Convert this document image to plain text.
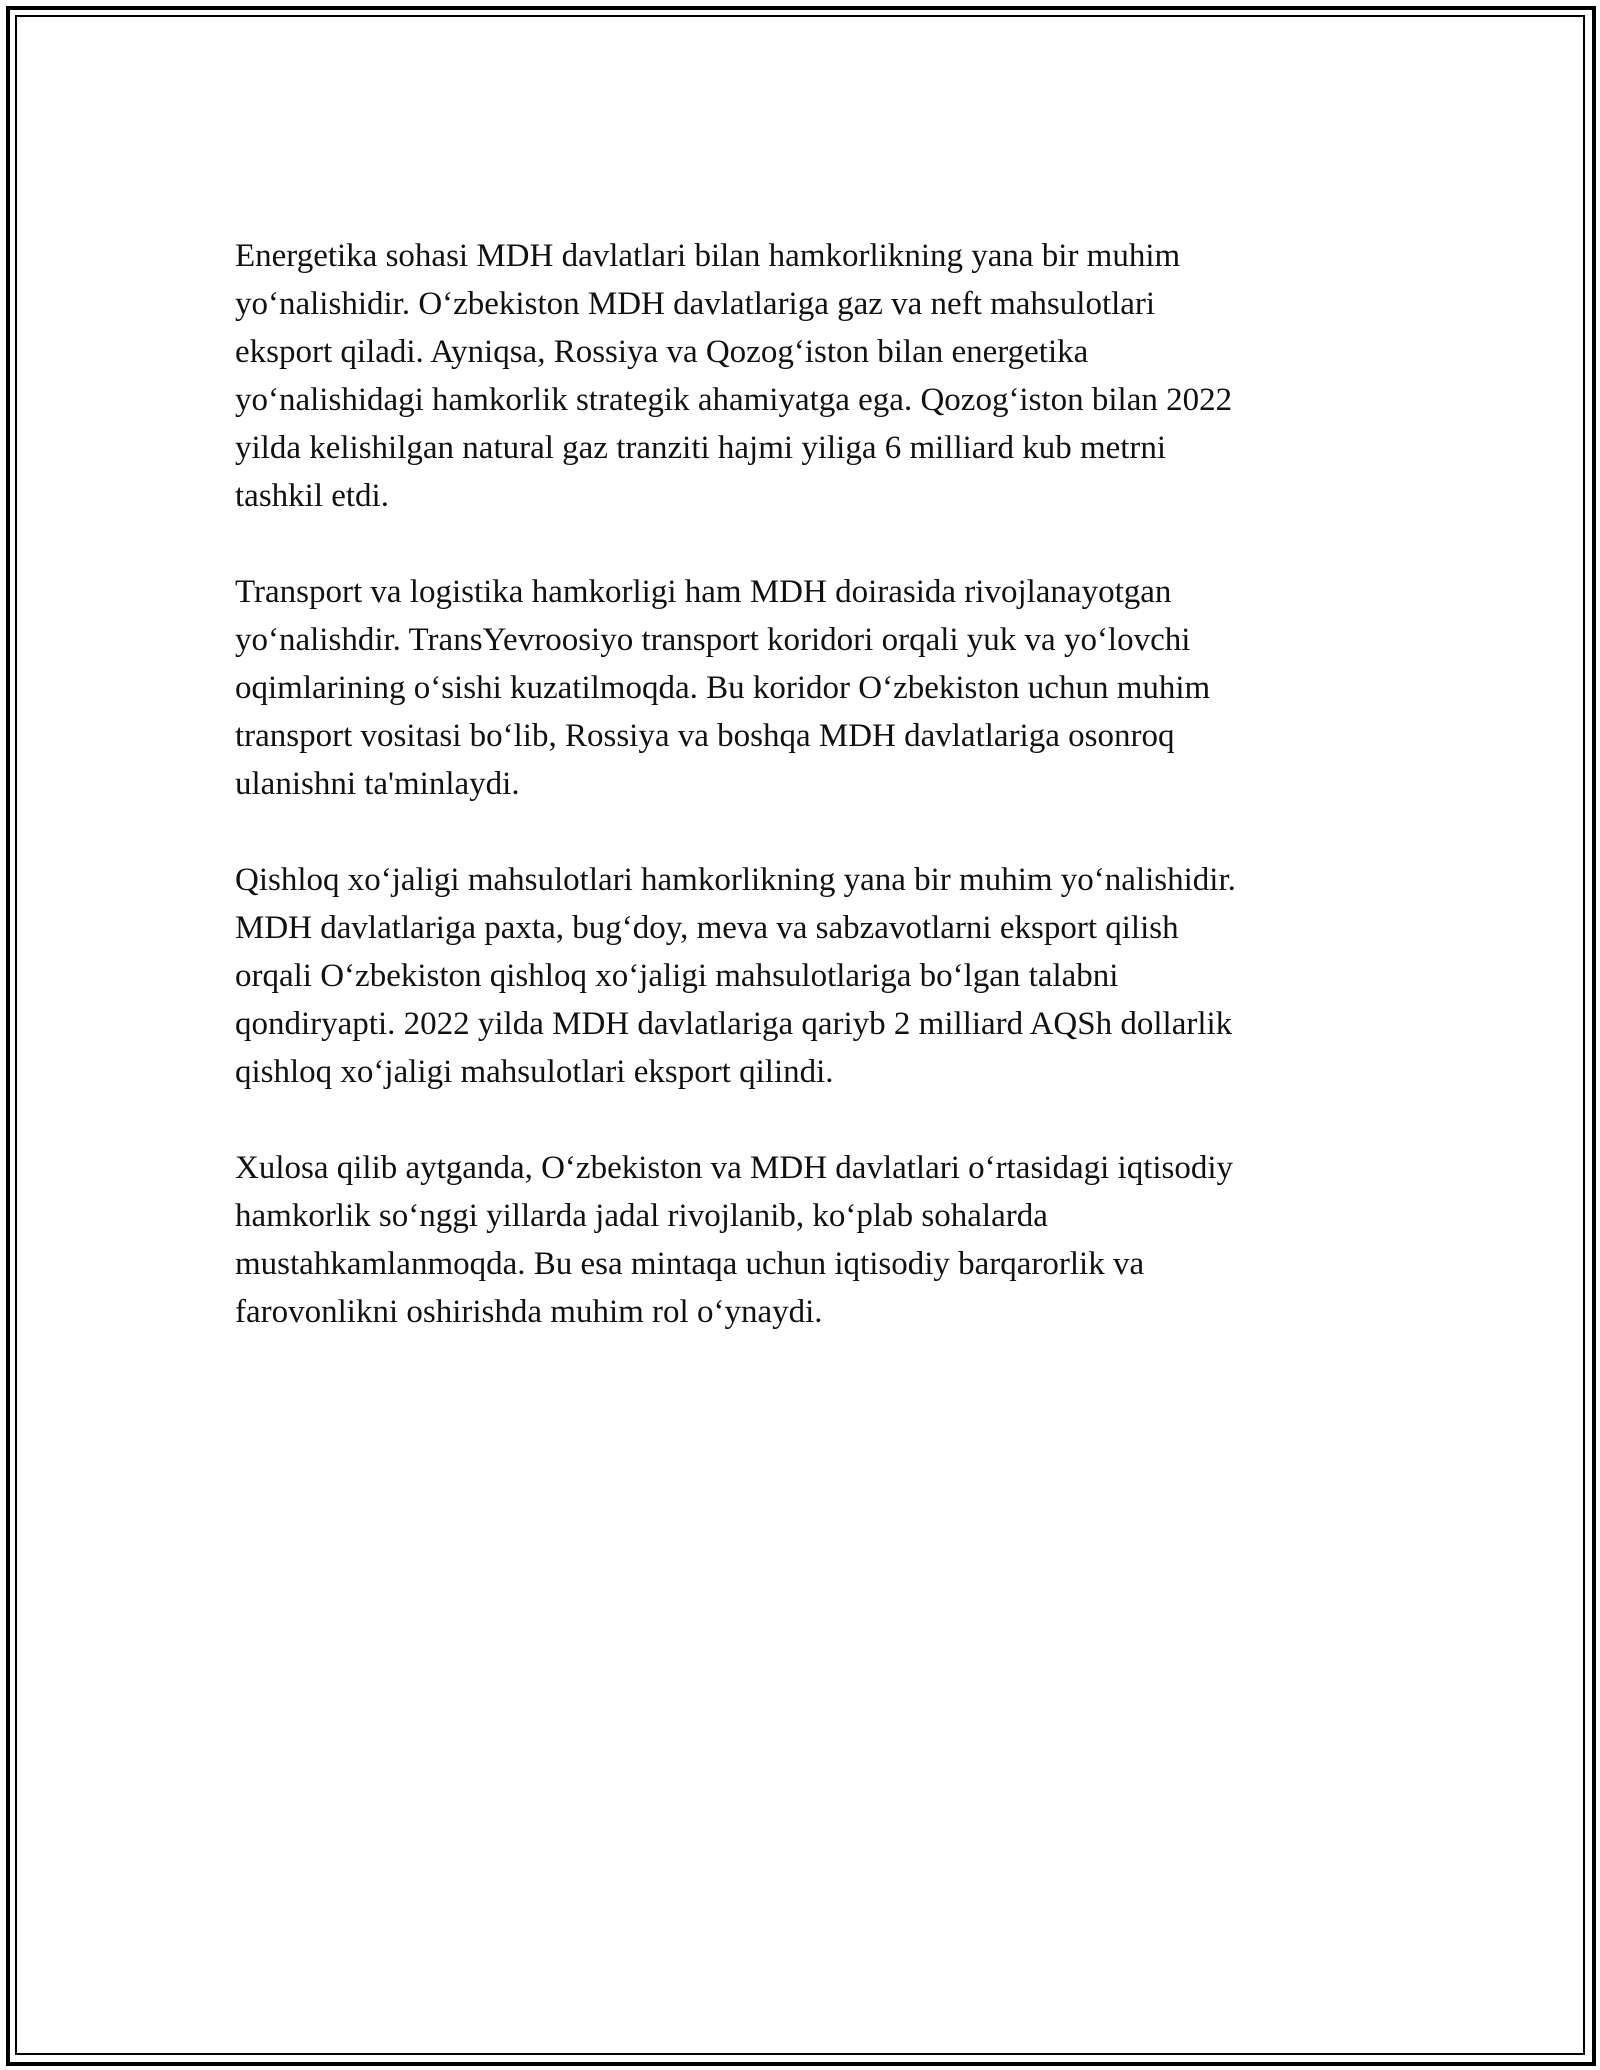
Energetika sohasi MDH davlatlari bilan hamkorlikning yana bir muhim
yo‘nalishidir. O‘zbekiston MDH davlatlariga gaz va neft mahsulotlari
eksport qiladi. Ayniqsa, Rossiya va Qozog‘iston bilan energetika
yo‘nalishidagi hamkorlik strategik ahamiyatga ega. Qozog‘iston bilan 2022
yilda kelishilgan natural gaz tranziti hajmi yiliga 6 milliard kub metrni
tashkil etdi.

Transport va logistika hamkorligi ham MDH doirasida rivojlanayotgan
yo‘nalishdir. TransYevroosiyo transport koridori orqali yuk va yo‘lovchi
oqimlarining o‘sishi kuzatilmoqda. Bu koridor O‘zbekiston uchun muhim
transport vositasi bo‘lib, Rossiya va boshqa MDH davlatlariga osonroq
ulanishni ta'minlaydi.

Qishloq xo‘jaligi mahsulotlari hamkorlikning yana bir muhim yo‘nalishidir.
MDH davlatlariga paxta, bug‘doy, meva va sabzavotlarni eksport qilish
orqali O‘zbekiston qishloq xo‘jaligi mahsulotlariga bo‘lgan talabni
qondiryapti. 2022 yilda MDH davlatlariga qariyb 2 milliard AQSh dollarlik
qishloq xo‘jaligi mahsulotlari eksport qilindi.

Xulosa qilib aytganda, O‘zbekiston va MDH davlatlari o‘rtasidagi iqtisodiy
hamkorlik so‘nggi yillarda jadal rivojlanib, ko‘plab sohalarda
mustahkamlanmoqda. Bu esa mintaqa uchun iqtisodiy barqarorlik va
farovonlikni oshirishda muhim rol o‘ynaydi.
